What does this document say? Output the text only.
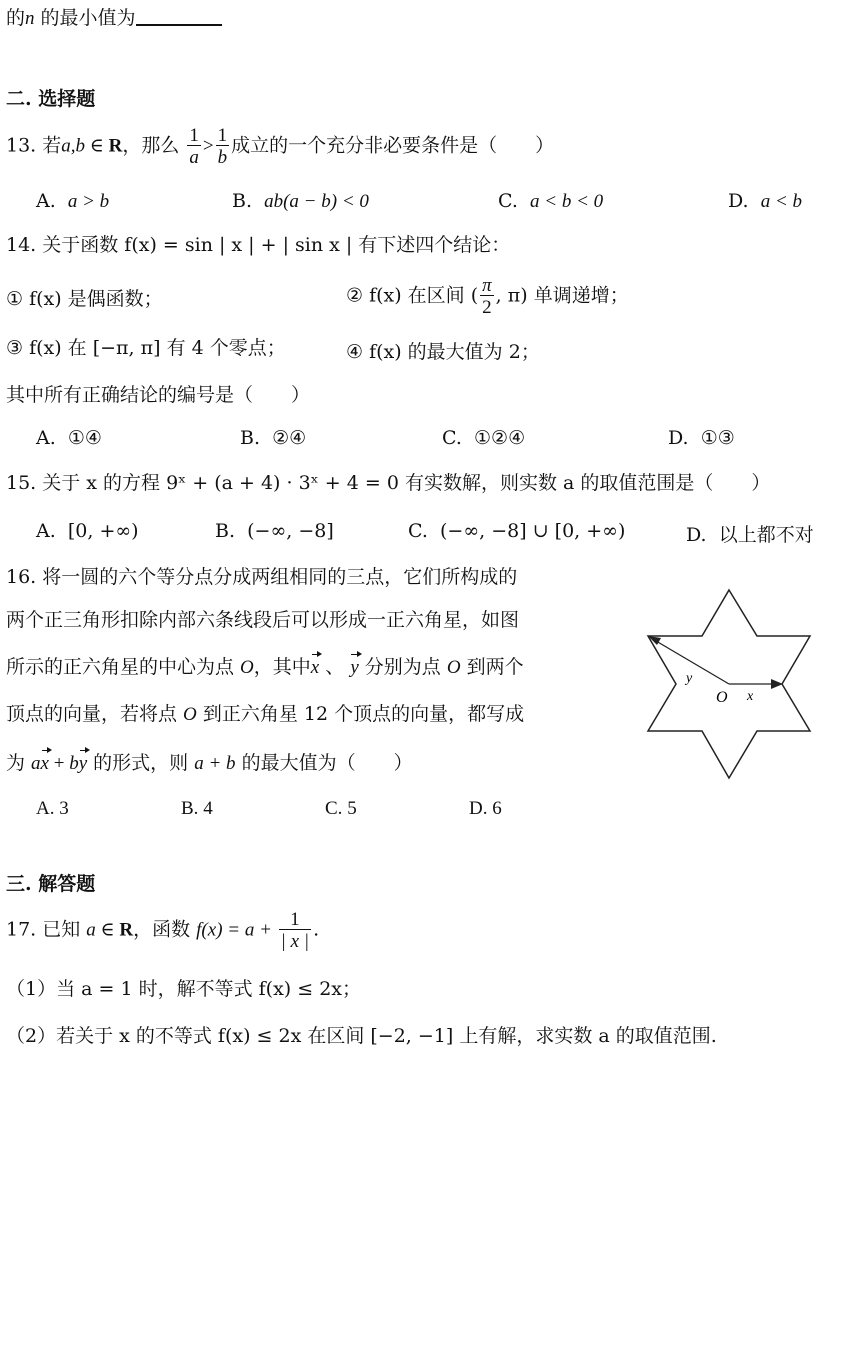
的n 的最小值为
二. 选择题
13. 若a,b ∈ R，那么 $\frac{1}{a} > \frac{1}{b}$ 成立的一个充分非必要条件是（　　）
A. a > b	B. ab(a − b) < 0	C. a < b < 0	D. a < b
14. 关于函数 f(x) = sin | x | + | sin x | 有下述四个结论：
① f(x) 是偶函数；	② f(x) 在区间 ( $\frac{\pi}{2}$ , π) 单调递增；
③ f(x) 在 [−π, π] 有 4 个零点；	④ f(x) 的最大值为 2；
其中所有正确结论的编号是（　　）
A. ①④	B. ②④	C. ①②④	D. ①③
15. 关于 x 的方程 9ˣ + (a + 4) · 3ˣ + 4 = 0 有实数解，则实数 a 的取值范围是（　　）
A. [0, +∞)	B. (−∞, −8]	C. (−∞, −8] ∪ [0, +∞)	D. 以上都不对
16. 将一圆的六个等分点分成两组相同的三点，它们所构成的
两个正三角形扣除内部六条线段后可以形成一正六角星，如图
所示的正六角星的中心为点 O，其中x 、 y 分别为点 O 到两个
顶点的向量，若将点 O 到正六角星 12 个顶点的向量，都写成
为 ax + by 的形式，则 a + b 的最大值为（　　）
y⃗
O x⃗
A. 3	B. 4	C. 5	D. 6
三. 解答题
17. 已知 a ∈ R，函数 $f(x) = a + \frac{1}{| x |}$ .
（1）当 a = 1 时，解不等式 f(x) ≤ 2x；
（2）若关于 x 的不等式 f(x) ≤ 2x 在区间 [−2, −1] 上有解，求实数 a 的取值范围.
